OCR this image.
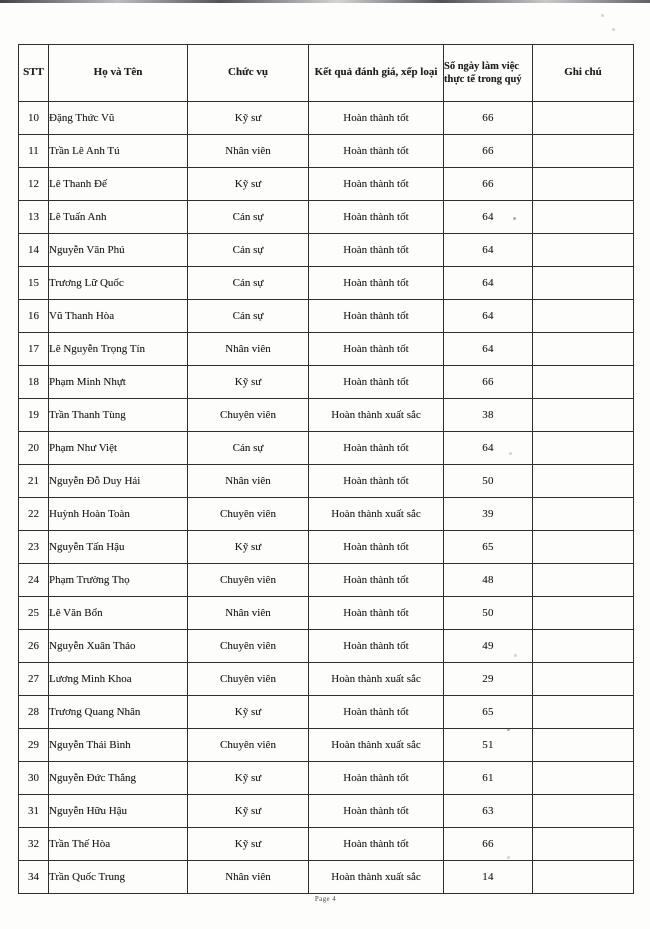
STT	Họ và Tên	Chức vụ	Kết quả đánh giá, xếp loại	Số ngày làm việc thực tế trong quý	Ghi chú
10	Đặng Thức Vũ	Kỹ sư	Hoàn thành tốt	66	
11	Trần Lê Anh Tú	Nhân viên	Hoàn thành tốt	66	
12	Lê Thanh Đế	Kỹ sư	Hoàn thành tốt	66	
13	Lê Tuấn Anh	Cán sự	Hoàn thành tốt	64	
14	Nguyễn Văn Phú	Cán sự	Hoàn thành tốt	64	
15	Trương Lữ Quốc	Cán sự	Hoàn thành tốt	64	
16	Vũ Thanh Hòa	Cán sự	Hoàn thành tốt	64	
17	Lê Nguyễn Trọng Tín	Nhân viên	Hoàn thành tốt	64	
18	Phạm Minh Nhựt	Kỹ sư	Hoàn thành tốt	66	
19	Trần Thanh Tùng	Chuyên viên	Hoàn thành xuất sắc	38	
20	Phạm Như Việt	Cán sự	Hoàn thành tốt	64	
21	Nguyễn Đỗ Duy Hải	Nhân viên	Hoàn thành tốt	50	
22	Huỳnh Hoàn Toàn	Chuyên viên	Hoàn thành xuất sắc	39	
23	Nguyễn Tấn Hậu	Kỹ sư	Hoàn thành tốt	65	
24	Phạm Trường Thọ	Chuyên viên	Hoàn thành tốt	48	
25	Lê Văn Bổn	Nhân viên	Hoàn thành tốt	50	
26	Nguyễn Xuân Thảo	Chuyên viên	Hoàn thành tốt	49	
27	Lương Minh Khoa	Chuyên viên	Hoàn thành xuất sắc	29	
28	Trương Quang Nhân	Kỹ sư	Hoàn thành tốt	65	
29	Nguyễn Thái Bình	Chuyên viên	Hoàn thành xuất sắc	51	
30	Nguyễn Đức Thắng	Kỹ sư	Hoàn thành tốt	61	
31	Nguyễn Hữu Hậu	Kỹ sư	Hoàn thành tốt	63	
32	Trần Thế Hòa	Kỹ sư	Hoàn thành tốt	66	
34	Trần Quốc Trung	Nhân viên	Hoàn thành xuất sắc	14	
Page 4
